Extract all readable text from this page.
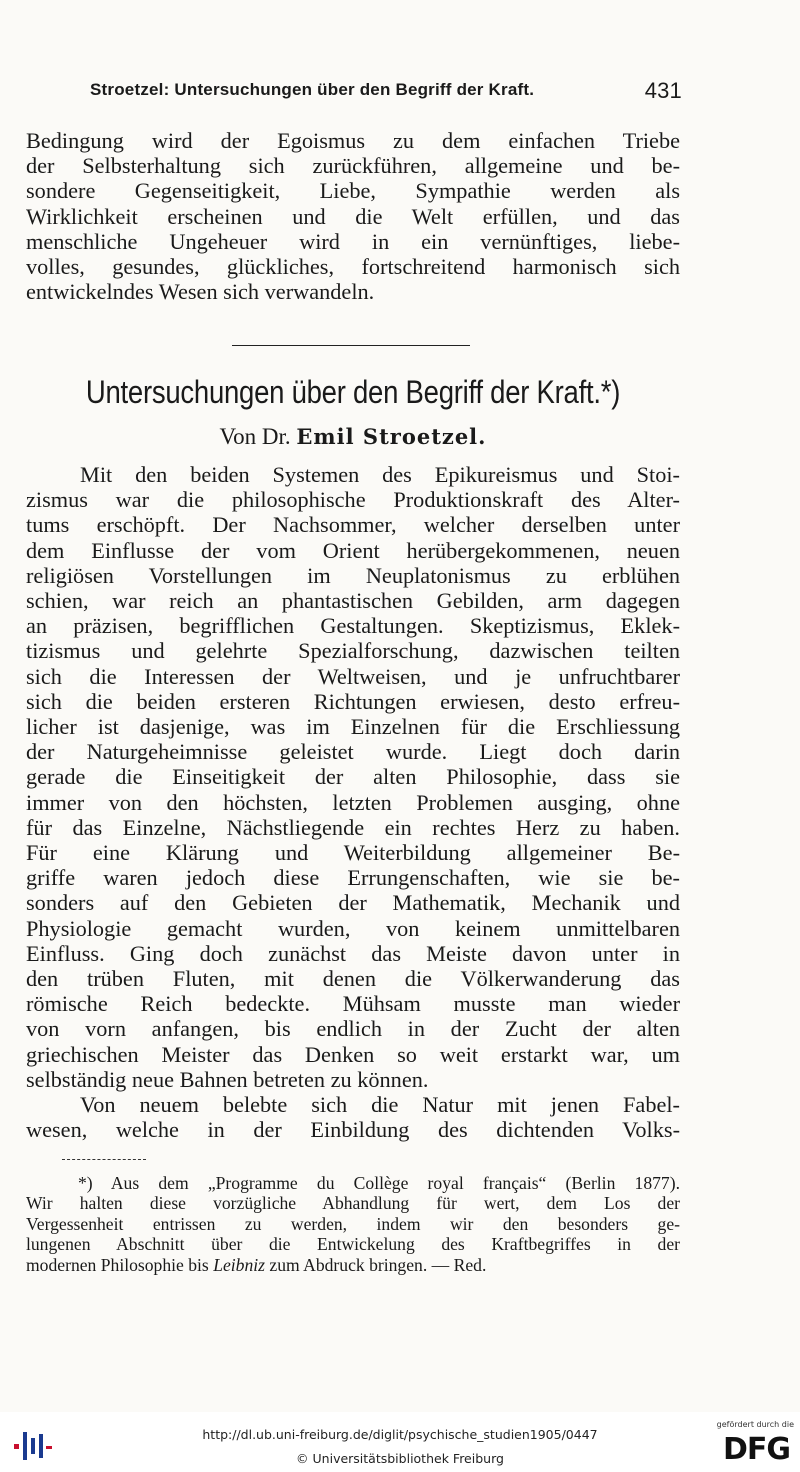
Stroetzel: Untersuchungen über den Begriff der Kraft.	431

Bedingung wird der Egoismus zu dem einfachen Triebe

der Selbsterhaltung sich zurückführen, allgemeine und be-

sondere Gegenseitigkeit, Liebe, Sympathie werden als

Wirklichkeit erscheinen und die Welt erfüllen, und das

menschliche Ungeheuer wird in ein vernünftiges, liebe-

volles, gesundes, glückliches, fortschreitend harmonisch sich

entwickelndes Wesen sich verwandeln.

Untersuchungen über den Begriff der Kraft.*)
Von Dr. Emil Stroetzel.

Mit den beiden Systemen des Epikureismus und Stoi-

zismus war die philosophische Produktionskraft des Alter-

tums erschöpft. Der Nachsommer, welcher derselben unter

dem Einflusse der vom Orient herübergekommenen, neuen

religiösen Vorstellungen im Neuplatonismus zu erblühen

schien, war reich an phantastischen Gebilden, arm dagegen

an präzisen, begrifflichen Gestaltungen. Skeptizismus, Eklek-

tizismus und gelehrte Spezialforschung, dazwischen teilten

sich die Interessen der Weltweisen, und je unfruchtbarer

sich die beiden ersteren Richtungen erwiesen, desto erfreu-

licher ist dasjenige, was im Einzelnen für die Erschliessung

der Naturgeheimnisse geleistet wurde. Liegt doch darin

gerade die Einseitigkeit der alten Philosophie, dass sie

immer von den höchsten, letzten Problemen ausging, ohne

für das Einzelne, Nächstliegende ein rechtes Herz zu haben.

Für eine Klärung und Weiterbildung allgemeiner Be-

griffe waren jedoch diese Errungenschaften, wie sie be-

sonders auf den Gebieten der Mathematik, Mechanik und

Physiologie gemacht wurden, von keinem unmittelbaren

Einfluss. Ging doch zunächst das Meiste davon unter in

den trüben Fluten, mit denen die Völkerwanderung das

römische Reich bedeckte. Mühsam musste man wieder

von vorn anfangen, bis endlich in der Zucht der alten

griechischen Meister das Denken so weit erstarkt war, um

selbständig neue Bahnen betreten zu können.

Von neuem belebte sich die Natur mit jenen Fabel-

wesen, welche in der Einbildung des dichtenden Volks-

*) Aus dem „Programme du Collège royal français“ (Berlin 1877).

Wir halten diese vorzügliche Abhandlung für wert, dem Los der

Vergessenheit entrissen zu werden, indem wir den besonders ge-

lungenen Abschnitt über die Entwickelung des Kraftbegriffes in der

modernen Philosophie bis Leibniz zum Abdruck bringen. — Red.

http://dl.ub.uni-freiburg.de/diglit/psychische_studien1905/0447
© Universitätsbibliothek Freiburg
gefördert durch die
DFG
